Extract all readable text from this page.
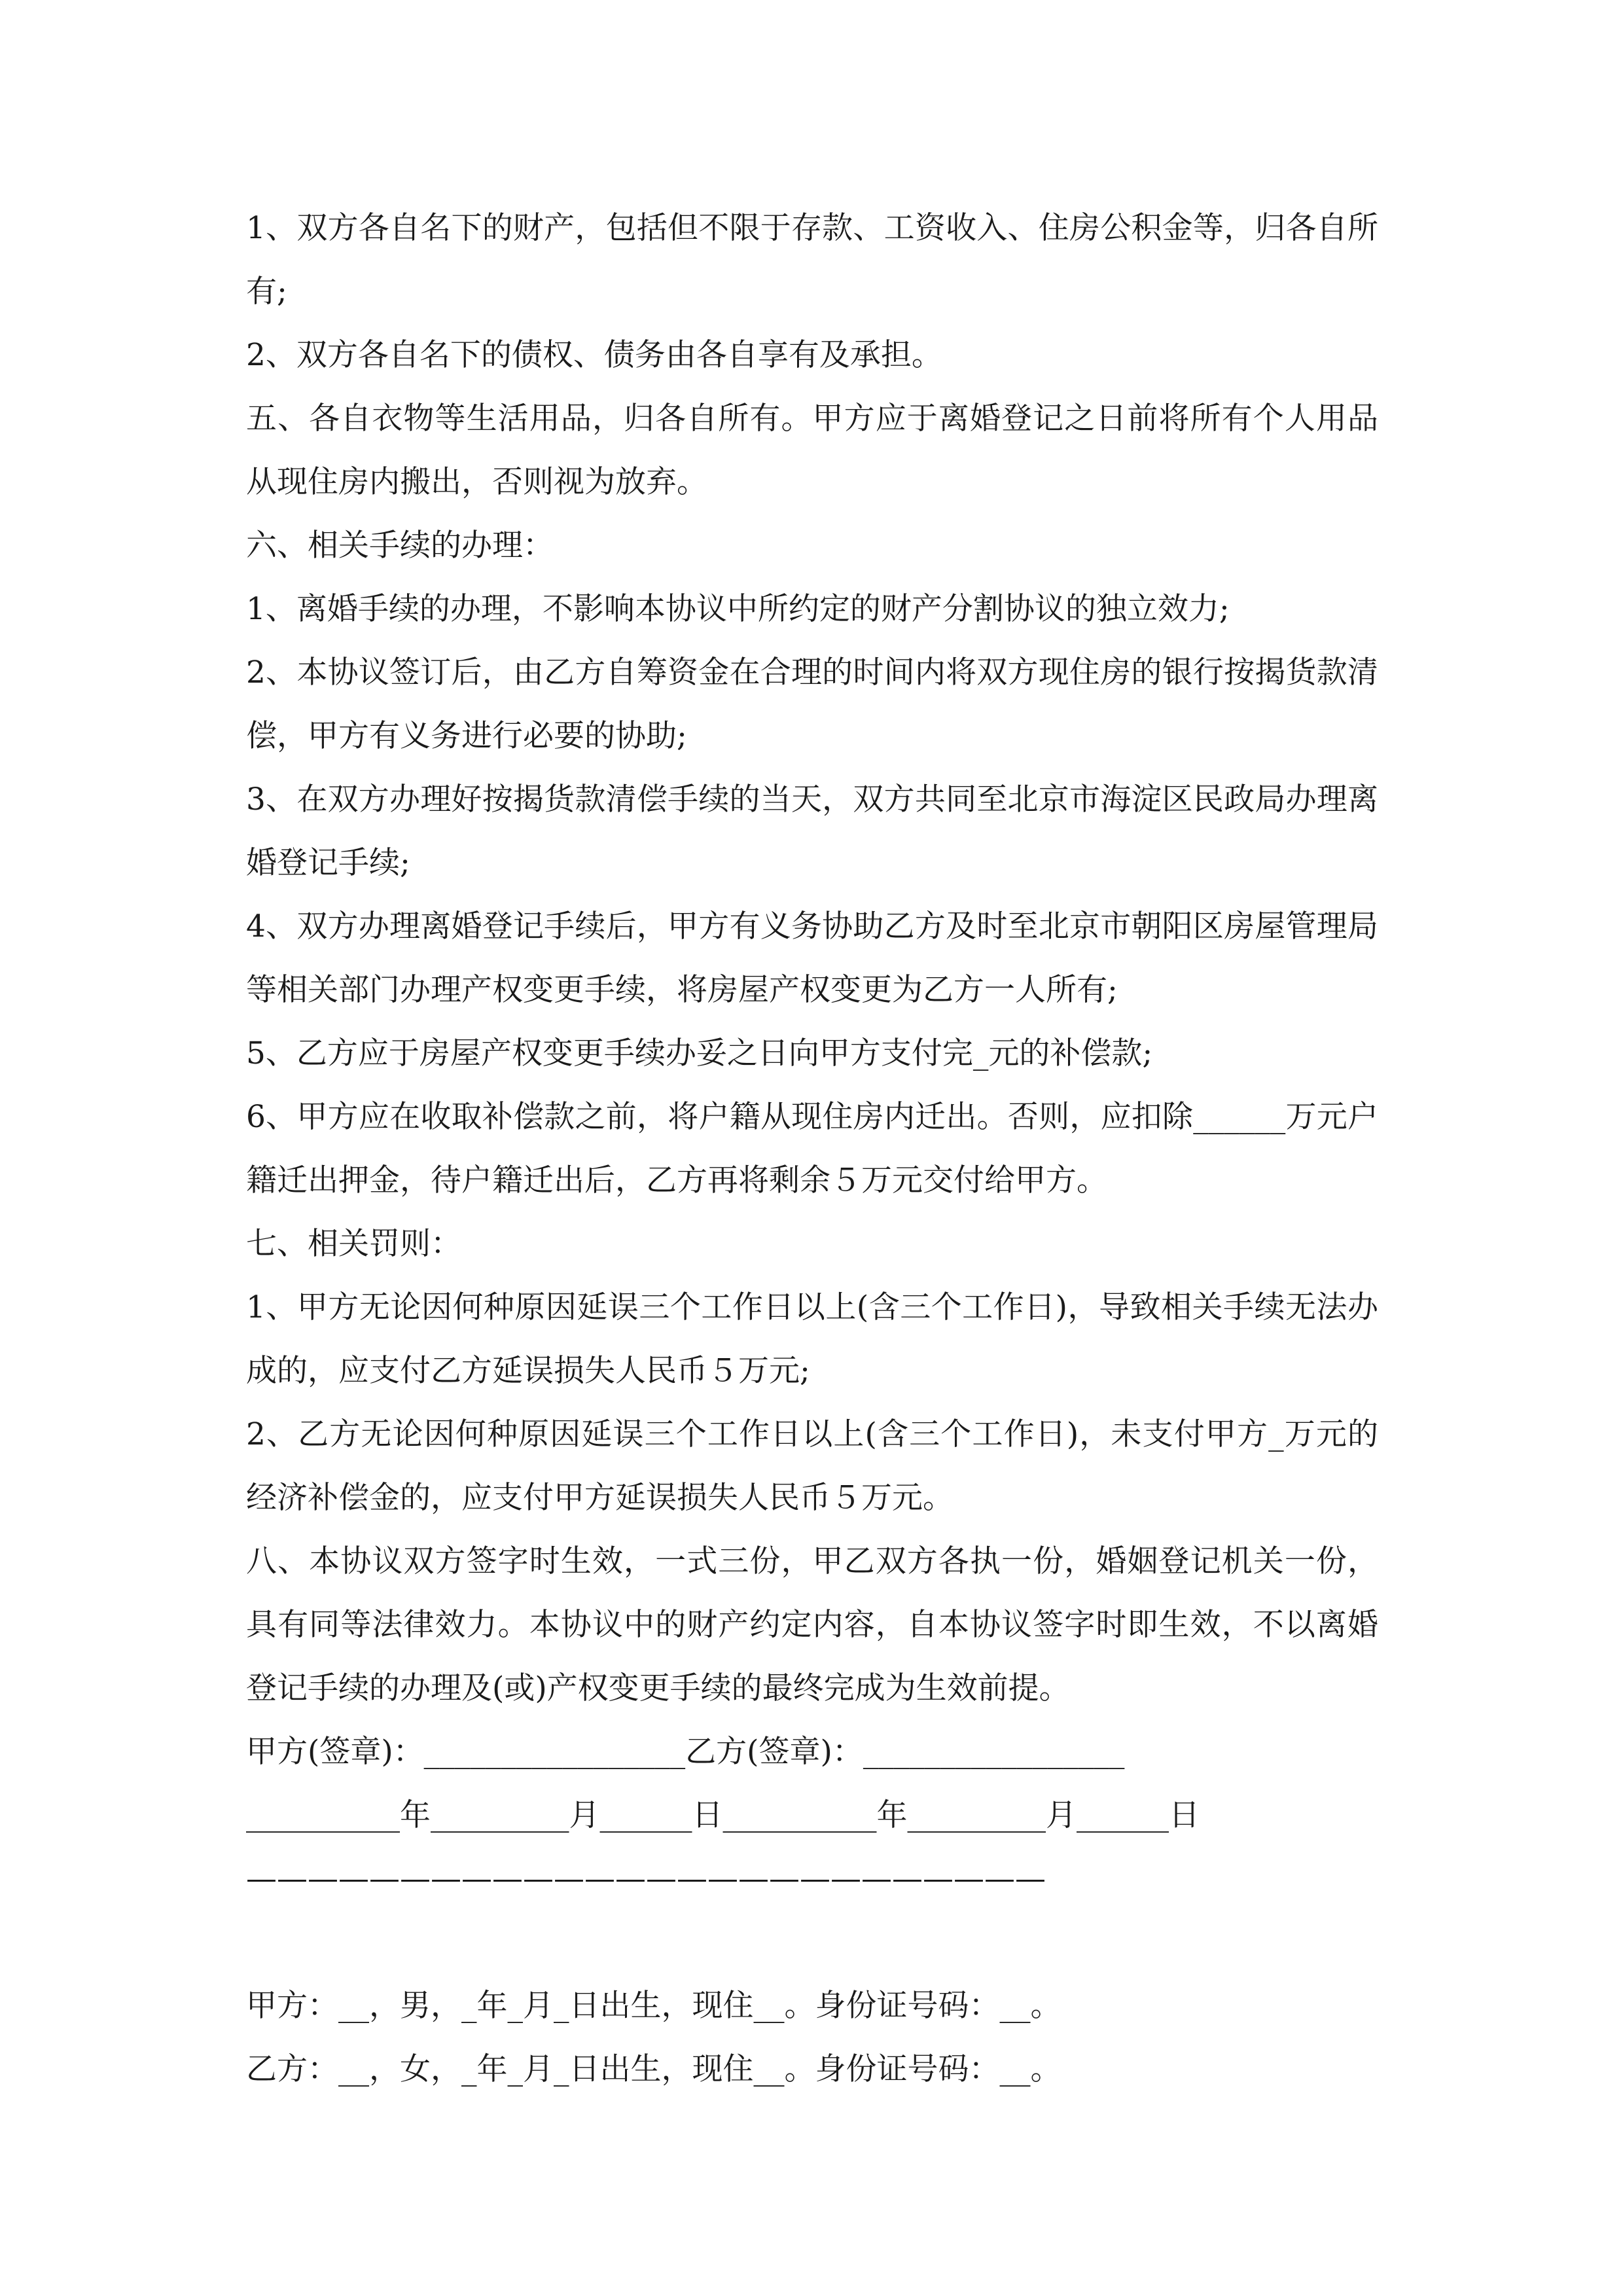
1、双方各自名下的财产，包括但不限于存款、工资收入、住房公积金等，归各自所有;

2、双方各自名下的债权、债务由各自享有及承担。

五、各自衣物等生活用品，归各自所有。甲方应于离婚登记之日前将所有个人用品从现住房内搬出，否则视为放弃。

六、相关手续的办理：

1、离婚手续的办理，不影响本协议中所约定的财产分割协议的独立效力;

2、本协议签订后，由乙方自筹资金在合理的时间内将双方现住房的银行按揭货款清偿，甲方有义务进行必要的协助;

3、在双方办理好按揭货款清偿手续的当天，双方共同至北京市海淀区民政局办理离婚登记手续;

4、双方办理离婚登记手续后，甲方有义务协助乙方及时至北京市朝阳区房屋管理局等相关部门办理产权变更手续，将房屋产权变更为乙方一人所有;

5、乙方应于房屋产权变更手续办妥之日向甲方支付完_元的补偿款;

6、甲方应在收取补偿款之前，将户籍从现住房内迁出。否则，应扣除______万元户籍迁出押金，待户籍迁出后，乙方再将剩余５万元交付给甲方。

七、相关罚则：

1、甲方无论因何种原因延误三个工作日以上(含三个工作日)，导致相关手续无法办成的，应支付乙方延误损失人民币５万元;

2、乙方无论因何种原因延误三个工作日以上(含三个工作日)，未支付甲方_万元的经济补偿金的，应支付甲方延误损失人民币５万元。

八、本协议双方签字时生效，一式三份，甲乙双方各执一份，婚姻登记机关一份，具有同等法律效力。本协议中的财产约定内容，自本协议签字时即生效，不以离婚登记手续的办理及(或)产权变更手续的最终完成为生效前提。

甲方(签章)：_________________乙方(签章)：_________________

__________年_________月______日__________年_________月______日

——————————————————————————

甲方：__，男，_年_月_日出生，现住__。身份证号码：__。

乙方：__，女，_年_月_日出生，现住__。身份证号码：__。
